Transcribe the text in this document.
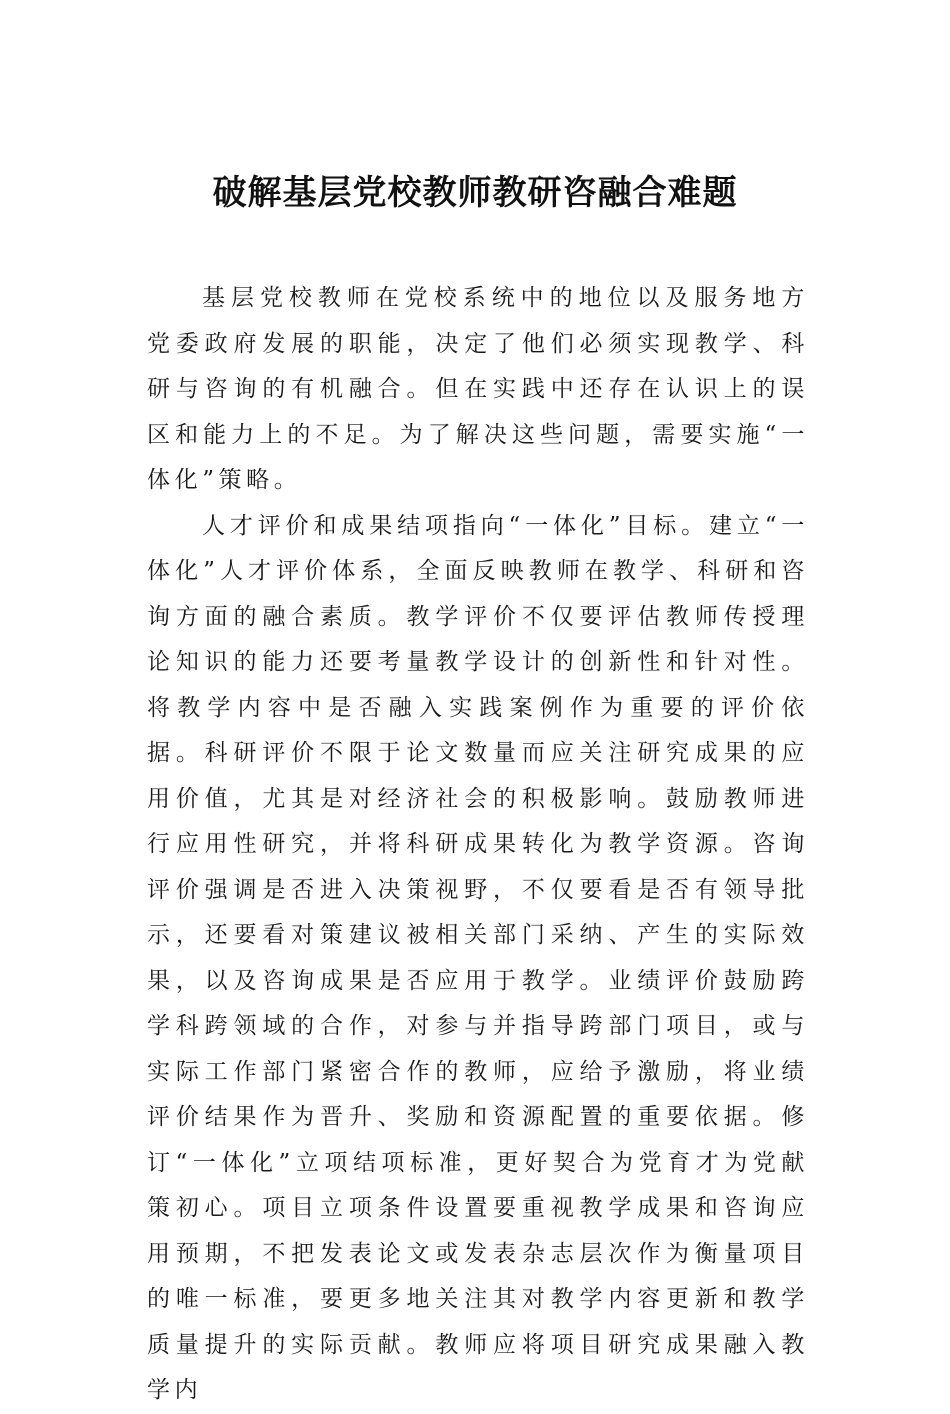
破解基层党校教师教研咨融合难题

基层党校教师在党校系统中的地位以及服务地方党委政府发展的职能，决定了他们必须实现教学、科研与咨询的有机融合。但在实践中还存在认识上的误区和能力上的不足。为了解决这些问题，需要实施“一体化”策略。

人才评价和成果结项指向“一体化”目标。建立“一体化”人才评价体系，全面反映教师在教学、科研和咨询方面的融合素质。教学评价不仅要评估教师传授理论知识的能力还要考量教学设计的创新性和针对性。将教学内容中是否融入实践案例作为重要的评价依据。科研评价不限于论文数量而应关注研究成果的应用价值，尤其是对经济社会的积极影响。鼓励教师进行应用性研究，并将科研成果转化为教学资源。咨询评价强调是否进入决策视野，不仅要看是否有领导批示，还要看对策建议被相关部门采纳、产生的实际效果，以及咨询成果是否应用于教学。业绩评价鼓励跨学科跨领域的合作，对参与并指导跨部门项目，或与实际工作部门紧密合作的教师，应给予激励，将业绩评价结果作为晋升、奖励和资源配置的重要依据。修订“一体化”立项结项标准，更好契合为党育才为党献策初心。项目立项条件设置要重视教学成果和咨询应用预期，不把发表论文或发表杂志层次作为衡量项目的唯一标准，要更多地关注其对教学内容更新和教学质量提升的实际贡献。教师应将项目研究成果融入教学内
